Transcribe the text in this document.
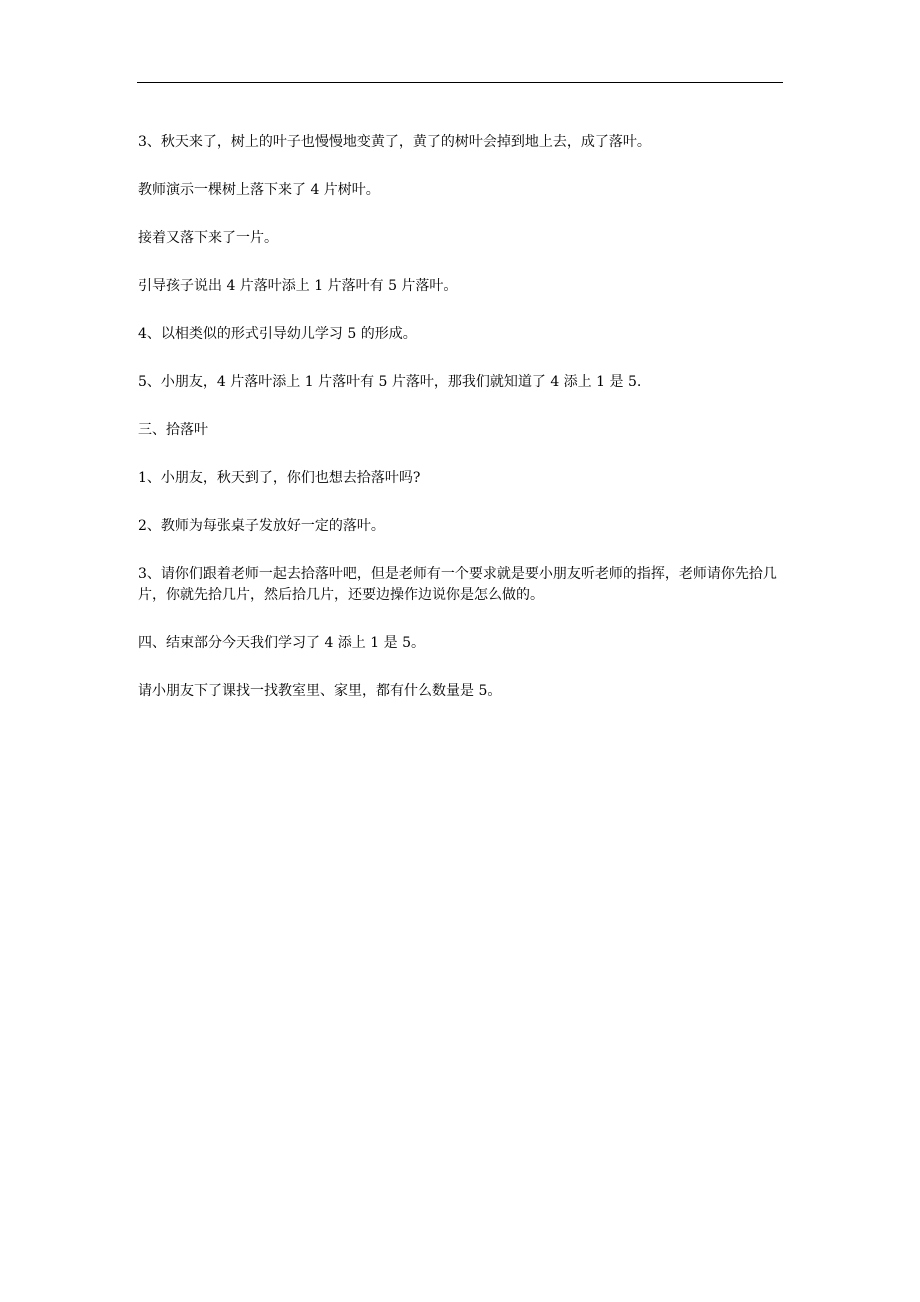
3、秋天来了，树上的叶子也慢慢地变黄了，黄了的树叶会掉到地上去，成了落叶。

教师演示一棵树上落下来了 4 片树叶。

接着又落下来了一片。

引导孩子说出 4 片落叶添上 1 片落叶有 5 片落叶。

4、以相类似的形式引导幼儿学习 5 的形成。

5、小朋友，4 片落叶添上 1 片落叶有 5 片落叶，那我们就知道了 4 添上 1 是 5.

三、拾落叶

1、小朋友，秋天到了，你们也想去拾落叶吗?

2、教师为每张桌子发放好一定的落叶。

3、请你们跟着老师一起去拾落叶吧，但是老师有一个要求就是要小朋友听老师的指挥，老师请你先拾几片，你就先拾几片，然后拾几片，还要边操作边说你是怎么做的。

四、结束部分今天我们学习了 4 添上 1 是 5。

请小朋友下了课找一找教室里、家里，都有什么数量是 5。
